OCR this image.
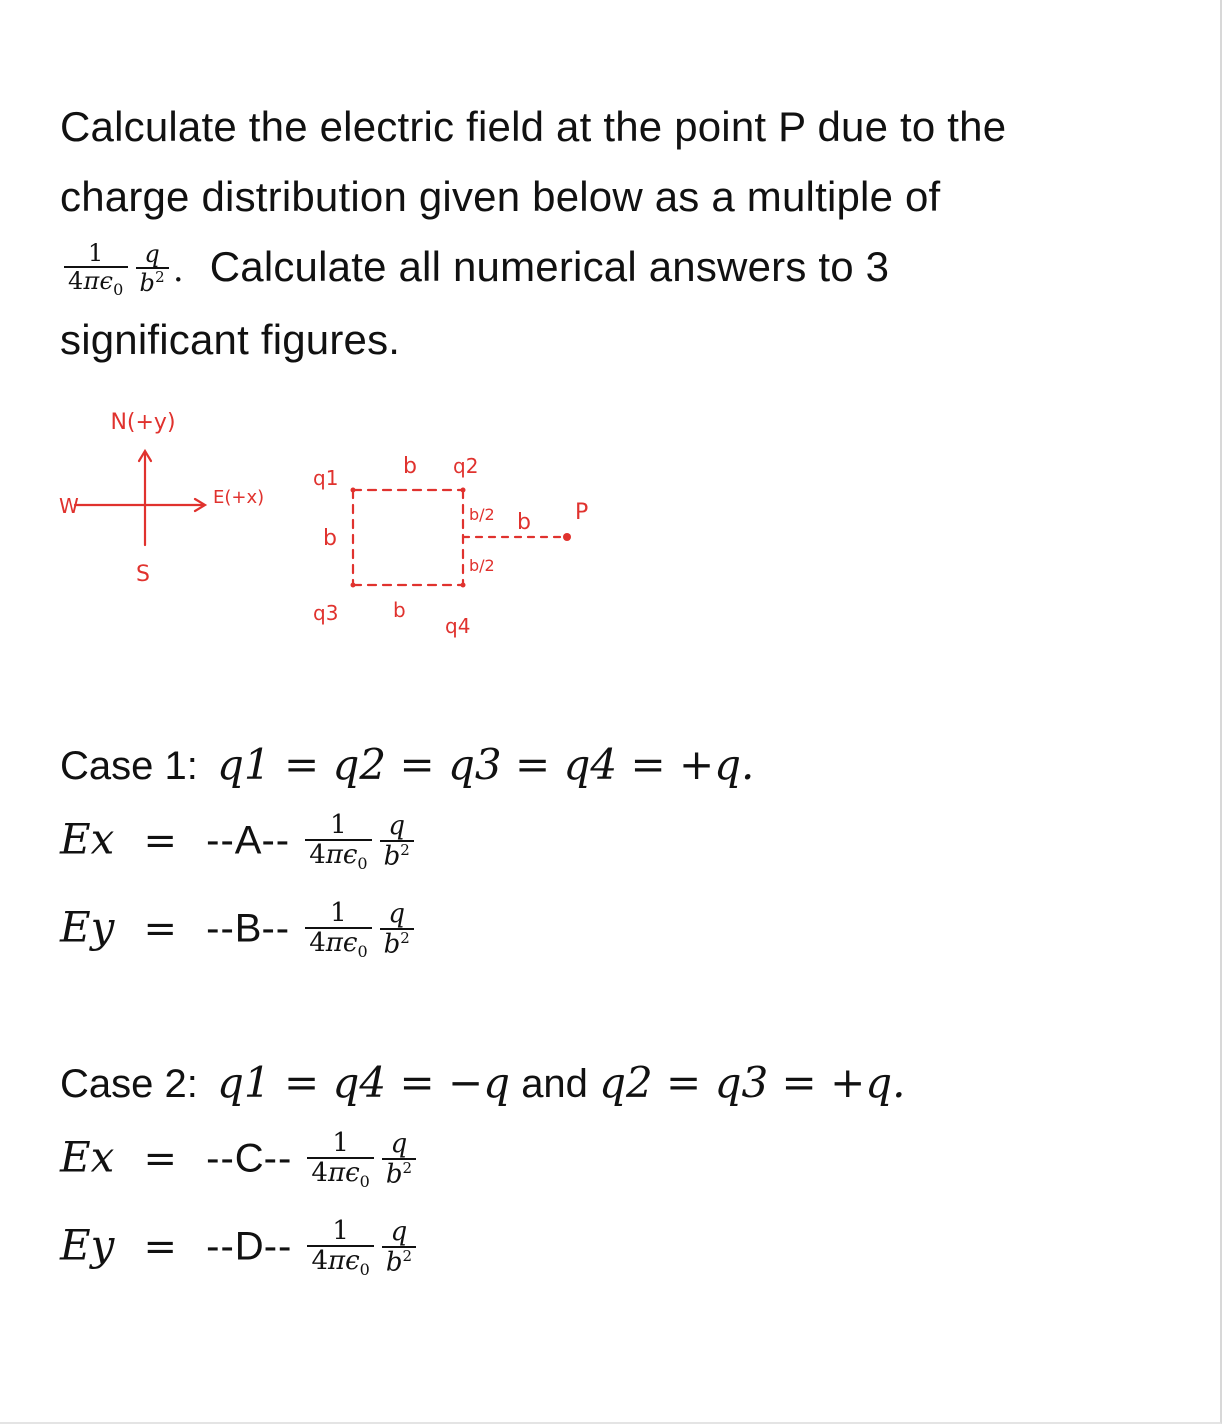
Calculate the electric field at the point P due to the
charge distribution given below as a multiple of
$\frac{1}{4\pi\epsilon_0} \frac{q}{b^2}$ . Calculate all numerical answers to 3
significant figures.
N(+y)
W	E(+x)
S
q1	q2
q3
q4
b
b
b
b/2
b/2
b P
Case 1: q1 = q2 = q3 = q4 = +q.
$Ex = --A-- \frac{1}{4\pi\epsilon_0} \frac{q}{b^2}$
$Ey = --B-- \frac{1}{4\pi\epsilon_0} \frac{q}{b^2}$
Case 2: q1 = q4 = −q and q2 = q3 = +q.
$Ex = --C-- \frac{1}{4\pi\epsilon_0} \frac{q}{b^2}$
$Ey = --D-- \frac{1}{4\pi\epsilon_0} \frac{q}{b^2}$
